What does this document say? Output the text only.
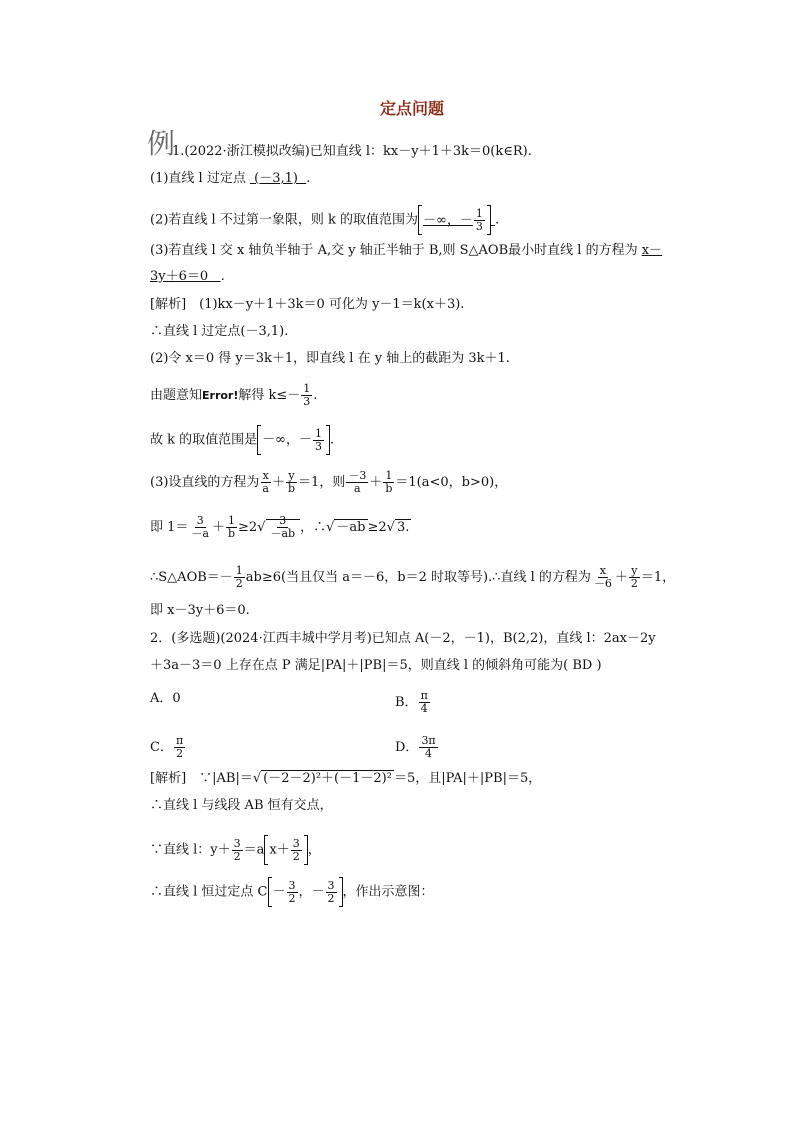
定点问题
例
1.(2022·浙江模拟改编)已知直线 l：kx－y＋1＋3k＝0(k∈R).
(1)直线 l 过定点 (－3,1) .
(2)若直线 l 不过第一象限，则 k 的取值范围为 －∞，－ $\frac{1}{3}$ .
(3)若直线 l 交 x 轴负半轴于 A,交 y 轴正半轴于 B,则 S△AOB最小时直线 l 的方程为 x－
3y＋6＝0 .
[解析]　(1)kx－y＋1＋3k＝0 可化为 y－1＝k(x＋3).
∴直线 l 过定点(－3,1).
(2)令 x＝0 得 y＝3k＋1，即直线 l 在 y 轴上的截距为 3k＋1.
由题意知Error!解得 $k\le- \frac{1}{3}$ .
故 k 的取值范围是 －∞，－ $\frac{1}{3}$ .
(3)设直线的方程为 $\frac{x}{a} + \frac{y}{b} =1$，则 $\frac{-3}{a} + \frac{1}{b} =1(a<0$，b>0)，
即 $1= \frac{3}{-a} + \frac{1}{b} \ge 2√ \frac{3}{-ab}$ ，∴√ －ab ≥2√ 3.
∴S△AOB＝－ $\frac{1}{2} ab\ge 6$(当且仅当 a＝－6，b＝2 时取等号).∴直线 l 的方程为 $\frac{x}{-6} + \frac{y}{2} =1$，
即 x－3y＋6＝0.
2．(多选题)(2024·江西丰城中学月考)已知点 A(－2，－1)，B(2,2)，直线 l：2ax－2y
＋3a－3＝0 上存在点 P 满足|PA|＋|PB|＝5，则直线 l 的倾斜角可能为( BD )
A．0	B． $\frac{\pi}{4}$
C． $\frac{\pi}{2}$	D． $\frac{3\pi}{4}$
[解析]　∵|AB|＝√ (－2－2)²＋(－1－2)² ＝5，且|PA|＋|PB|＝5，
∴直线 l 与线段 AB 恒有交点，
∵直线 l：$y+ \frac{3}{2} =a$ $x+ \frac{3}{2}$ ，
∴直线 l 恒过定点 $C - \frac{3}{2}$ ，－ $\frac{3}{2}$ ，作出示意图：
